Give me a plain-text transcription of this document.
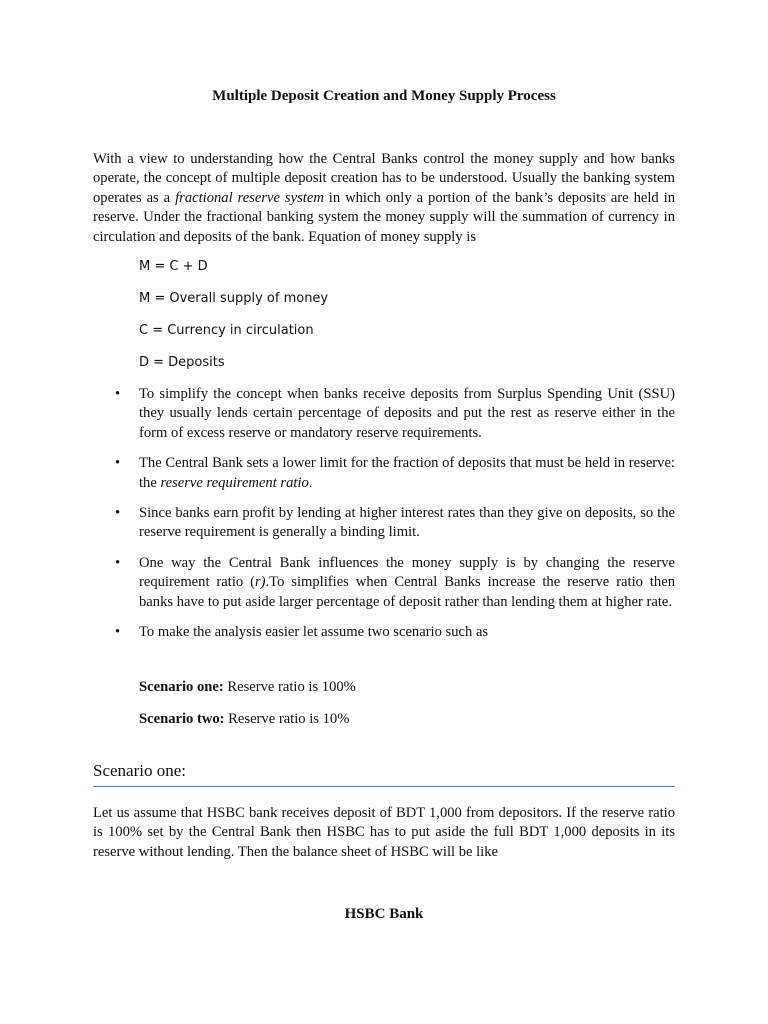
Multiple Deposit Creation and Money Supply Process

With a view to understanding how the Central Banks control the money supply and how banks operate, the concept of multiple deposit creation has to be understood. Usually the banking system operates as a fractional reserve system in which only a portion of the bank’s deposits are held in reserve. Under the fractional banking system the money supply will the summation of currency in circulation and deposits of the bank. Equation of money supply is

M = C + D
M = Overall supply of money
C = Currency in circulation
D = Deposits
• To simplify the concept when banks receive deposits from Surplus Spending Unit (SSU) they usually lends certain percentage of deposits and put the rest as reserve either in the form of excess reserve or mandatory reserve requirements.
• The Central Bank sets a lower limit for the fraction of deposits that must be held in reserve: the reserve requirement ratio.
• Since banks earn profit by lending at higher interest rates than they give on deposits, so the reserve requirement is generally a binding limit.
• One way the Central Bank influences the money supply is by changing the reserve requirement ratio (r).To simplifies when Central Banks increase the reserve ratio then banks have to put aside larger percentage of deposit rather than lending them at higher rate.
• To make the analysis easier let assume two scenario such as
Scenario one: Reserve ratio is 100%
Scenario two: Reserve ratio is 10%
Scenario one:

Let us assume that HSBC bank receives deposit of BDT 1,000 from depositors. If the reserve ratio is 100% set by the Central Bank then HSBC has to put aside the full BDT 1,000 deposits in its reserve without lending. Then the balance sheet of HSBC will be like

HSBC Bank
